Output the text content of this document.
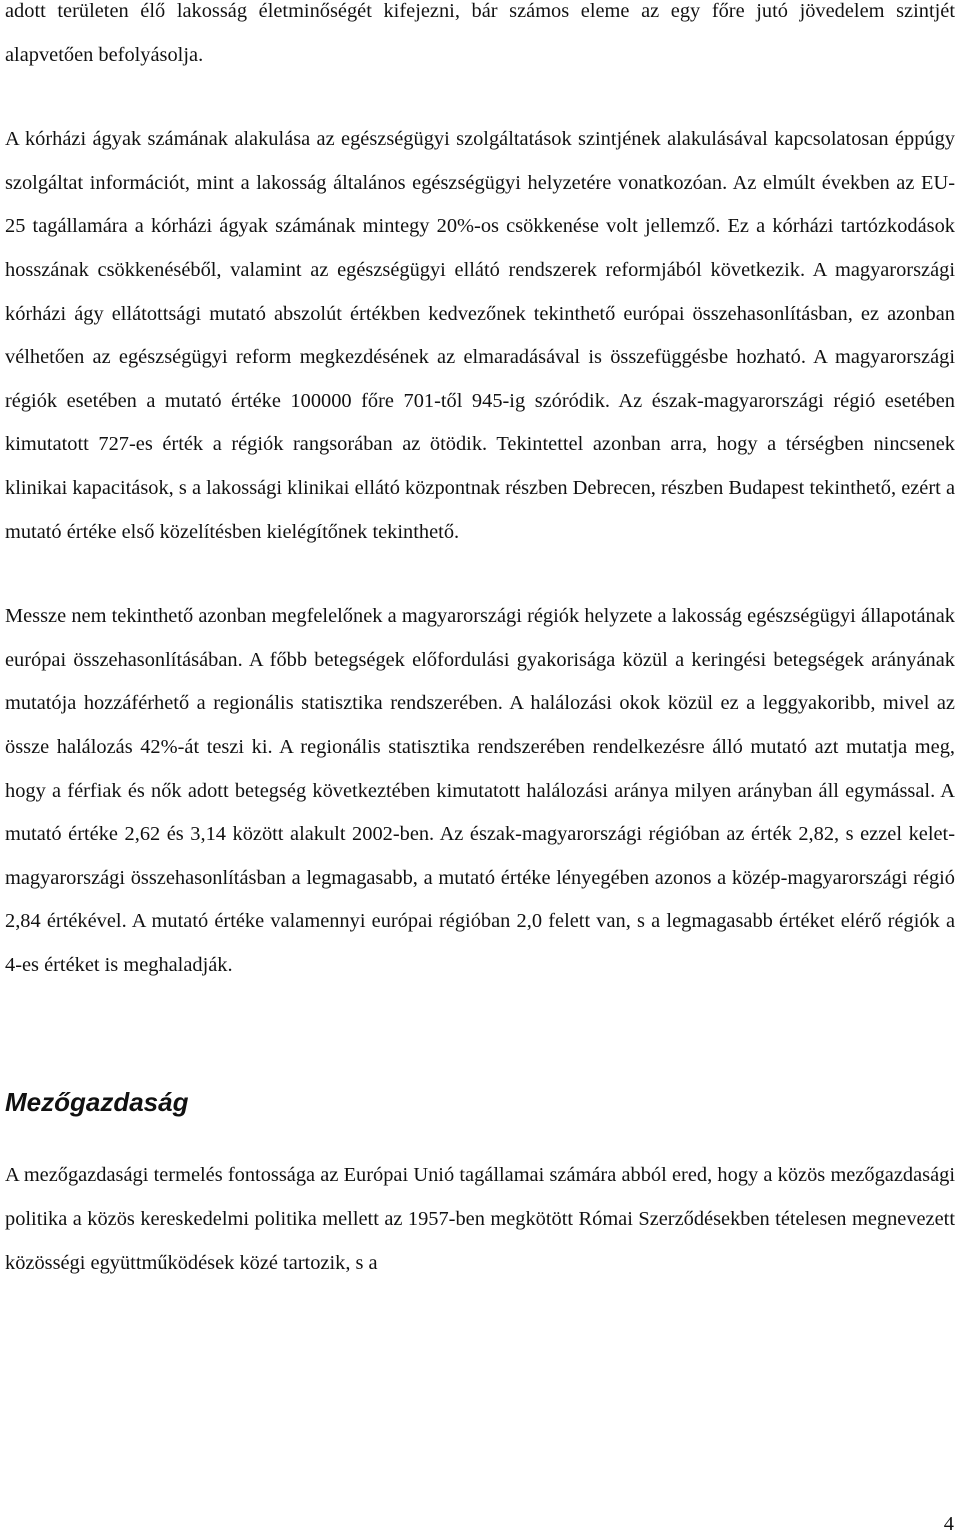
adott területen élő lakosság életminőségét kifejezni, bár számos eleme az egy főre jutó jövedelem szintjét alapvetően befolyásolja.

A kórházi ágyak számának alakulása az egészségügyi szolgáltatások szintjének alakulásával kapcsolatosan éppúgy szolgáltat információt, mint a lakosság általános egészségügyi helyzetére vonatkozóan. Az elmúlt években az EU-25 tagállamára a kórházi ágyak számának mintegy 20%-os csökkenése volt jellemző. Ez a kórházi tartózkodások hosszának csökkenéséből, valamint az egészségügyi ellátó rendszerek reformjából következik. A magyarországi kórházi ágy ellátottsági mutató abszolút értékben kedvezőnek tekinthető európai összehasonlításban, ez azonban vélhetően az egészségügyi reform megkezdésének az elmaradásával is összefüggésbe hozható. A magyarországi régiók esetében a mutató értéke 100000 főre 701-től 945-ig szóródik. Az észak-magyarországi régió esetében kimutatott 727-es érték a régiók rangsorában az ötödik. Tekintettel azonban arra, hogy a térségben nincsenek klinikai kapacitások, s a lakossági klinikai ellátó központnak részben Debrecen, részben Budapest tekinthető, ezért a mutató értéke első közelítésben kielégítőnek tekinthető.

Messze nem tekinthető azonban megfelelőnek a magyarországi régiók helyzete a lakosság egészségügyi állapotának európai összehasonlításában. A főbb betegségek előfordulási gyakorisága közül a keringési betegségek arányának mutatója hozzáférhető a regionális statisztika rendszerében. A halálozási okok közül ez a leggyakoribb, mivel az össze halálozás 42%-át teszi ki. A regionális statisztika rendszerében rendelkezésre álló mutató azt mutatja meg, hogy a férfiak és nők adott betegség következtében kimutatott halálozási aránya milyen arányban áll egymással. A mutató értéke 2,62 és 3,14 között alakult 2002-ben. Az észak-magyarországi régióban az érték 2,82, s ezzel kelet-magyarországi összehasonlításban a legmagasabb, a mutató értéke lényegében azonos a közép-magyarországi régió 2,84 értékével. A mutató értéke valamennyi európai régióban 2,0 felett van, s a legmagasabb értéket elérő régiók a 4-es értéket is meghaladják.

Mezőgazdaság

A mezőgazdasági termelés fontossága az Európai Unió tagállamai számára abból ered, hogy a közös mezőgazdasági politika a közös kereskedelmi politika mellett az 1957-ben megkötött Római Szerződésekben tételesen megnevezett közösségi együttműködések közé tartozik, s a

4
